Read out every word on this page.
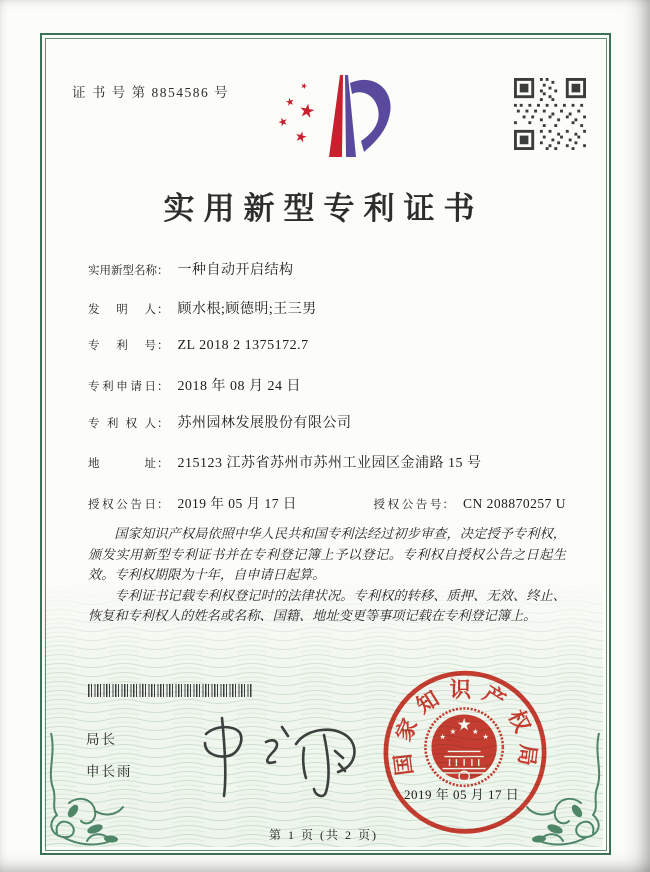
证 书 号 第 8854586 号
实用新型专利证书
实用新型名称 ： 一种自动开启结构
发明人 ： 顾水根;顾德明;王三男
专利号 ： ZL 2018 2 1375172.7
专利申请日 ： 2018 年 08 月 24 日
专利权人 ： 苏州园林发展股份有限公司
地址 ： 215123 江苏省苏州市苏州工业园区金浦路 15 号
授权公告日 ： 2019 年 05 月 17 日	授权公告号 ： CN 208870257 U

国家知识产权局依照中华人民共和国专利法经过初步审查，决定授予专利权，颁发实用新型专利证书并在专利登记簿上予以登记。专利权自授权公告之日起生效。专利权期限为十年，自申请日起算。

专利证书记载专利权登记时的法律状况。专利权的转移、质押、无效、终止、恢复和专利权人的姓名或名称、国籍、地址变更等事项记载在专利登记簿上。

局长
申长雨	国家知识产权局
2019 年 05 月 17 日
第 1 页 (共 2 页)
